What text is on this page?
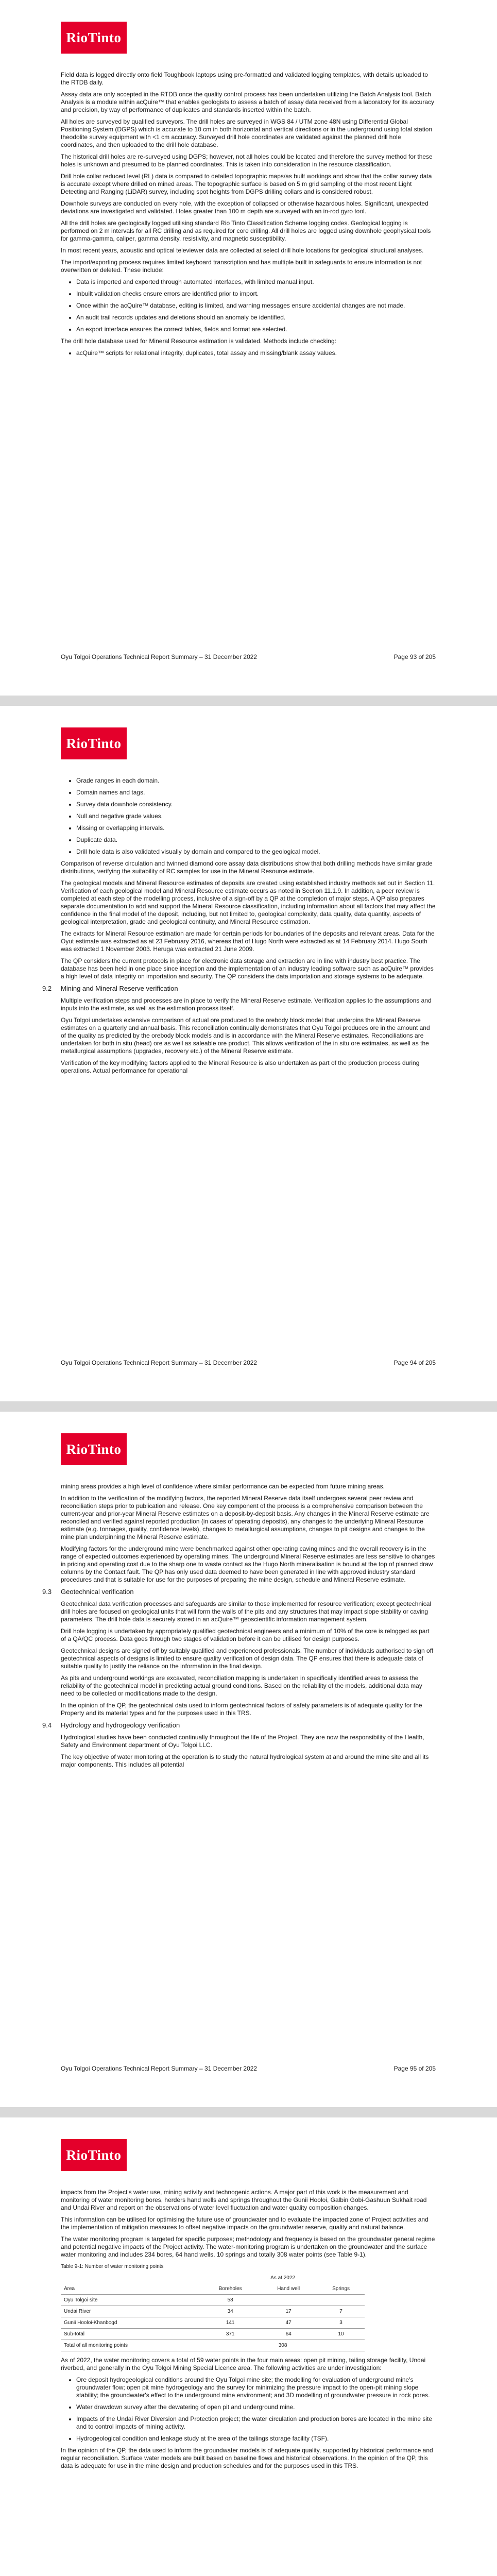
RioTinto

Field data is logged directly onto field Toughbook laptops using pre-formatted and validated logging templates, with details uploaded to the RTDB daily.

Assay data are only accepted in the RTDB once the quality control process has been undertaken utilizing the Batch Analysis tool. Batch Analysis is a module within acQuire™ that enables geologists to assess a batch of assay data received from a laboratory for its accuracy and precision, by way of performance of duplicates and standards inserted within the batch.

All holes are surveyed by qualified surveyors. The drill holes are surveyed in WGS 84 / UTM zone 48N using Differential Global Positioning System (DGPS) which is accurate to 10 cm in both horizontal and vertical directions or in the underground using total station theodolite survey equipment with <1 cm accuracy. Surveyed drill hole coordinates are validated against the planned drill hole coordinates, and then uploaded to the drill hole database.

The historical drill holes are re-surveyed using DGPS; however, not all holes could be located and therefore the survey method for these holes is unknown and presumed to be planned coordinates. This is taken into consideration in the resource classification.

Drill hole collar reduced level (RL) data is compared to detailed topographic maps/as built workings and show that the collar survey data is accurate except where drilled on mined areas. The topographic surface is based on 5 m grid sampling of the most recent Light Detecting and Ranging (LiDAR) survey, including spot heights from DGPS drilling collars and is considered robust.

Downhole surveys are conducted on every hole, with the exception of collapsed or otherwise hazardous holes. Significant, unexpected deviations are investigated and validated. Holes greater than 100 m depth are surveyed with an in-rod gyro tool.

All the drill holes are geologically logged utilising standard Rio Tinto Classification Scheme logging codes. Geological logging is performed on 2 m intervals for all RC drilling and as required for core drilling. All drill holes are logged using downhole geophysical tools for gamma-gamma, caliper, gamma density, resistivity, and magnetic susceptibility.

In most recent years, acoustic and optical televiewer data are collected at select drill hole locations for geological structural analyses.

The import/exporting process requires limited keyboard transcription and has multiple built in safeguards to ensure information is not overwritten or deleted. These include:

• Data is imported and exported through automated interfaces, with limited manual input.
• Inbuilt validation checks ensure errors are identified prior to import.
• Once within the acQuire™ database, editing is limited, and warning messages ensure accidental changes are not made.
• An audit trail records updates and deletions should an anomaly be identified.
• An export interface ensures the correct tables, fields and format are selected.

The drill hole database used for Mineral Resource estimation is validated. Methods include checking:

• acQuire™ scripts for relational integrity, duplicates, total assay and missing/blank assay values.
Oyu Tolgoi Operations Technical Report Summary – 31 December 2022	Page 93 of 205
RioTinto
• Grade ranges in each domain.
• Domain names and tags.
• Survey data downhole consistency.
• Null and negative grade values.
• Missing or overlapping intervals.
• Duplicate data.
• Drill hole data is also validated visually by domain and compared to the geological model.

Comparison of reverse circulation and twinned diamond core assay data distributions show that both drilling methods have similar grade distributions, verifying the suitability of RC samples for use in the Mineral Resource estimate.

The geological models and Mineral Resource estimates of deposits are created using established industry methods set out in Section 11. Verification of each geological model and Mineral Resource estimate occurs as noted in Section 11.1.9. In addition, a peer review is completed at each step of the modelling process, inclusive of a sign-off by a QP at the completion of major steps. A QP also prepares separate documentation to add and support the Mineral Resource classification, including information about all factors that may affect the confidence in the final model of the deposit, including, but not limited to, geological complexity, data quality, data quantity, aspects of geological interpretation, grade and geological continuity, and Mineral Resource estimation.

The extracts for Mineral Resource estimation are made for certain periods for boundaries of the deposits and relevant areas. Data for the Oyut estimate was extracted as at 23 February 2016, whereas that of Hugo North were extracted as at 14 February 2014. Hugo South was extracted 1 November 2003. Heruga was extracted 21 June 2009.

The QP considers the current protocols in place for electronic data storage and extraction are in line with industry best practice. The database has been held in one place since inception and the implementation of an industry leading software such as acQuire™ provides a high level of data integrity on importation and security. The QP considers the data importation and storage systems to be adequate.

9.2	Mining and Mineral Reserve verification

Multiple verification steps and processes are in place to verify the Mineral Reserve estimate. Verification applies to the assumptions and inputs into the estimate, as well as the estimation process itself.

Oyu Tolgoi undertakes extensive comparison of actual ore produced to the orebody block model that underpins the Mineral Reserve estimates on a quarterly and annual basis. This reconciliation continually demonstrates that Oyu Tolgoi produces ore in the amount and of the quality as predicted by the orebody block models and is in accordance with the Mineral Reserve estimates. Reconciliations are undertaken for both in situ (head) ore as well as saleable ore product. This allows verification of the in situ ore estimates, as well as the metallurgical assumptions (upgrades, recovery etc.) of the Mineral Reserve estimate.

Verification of the key modifying factors applied to the Mineral Resource is also undertaken as part of the production process during operations. Actual performance for operational

Oyu Tolgoi Operations Technical Report Summary – 31 December 2022	Page 94 of 205
RioTinto

mining areas provides a high level of confidence where similar performance can be expected from future mining areas.

In addition to the verification of the modifying factors, the reported Mineral Reserve data itself undergoes several peer review and reconciliation steps prior to publication and release. One key component of the process is a comprehensive comparison between the current-year and prior-year Mineral Reserve estimates on a deposit-by-deposit basis. Any changes in the Mineral Reserve estimate are reconciled and verified against reported production (in cases of operating deposits), any changes to the underlying Mineral Resource estimate (e.g. tonnages, quality, confidence levels), changes to metallurgical assumptions, changes to pit designs and changes to the mine plan underpinning the Mineral Reserve estimate.

Modifying factors for the underground mine were benchmarked against other operating caving mines and the overall recovery is in the range of expected outcomes experienced by operating mines. The underground Mineral Reserve estimates are less sensitive to changes in pricing and operating cost due to the sharp one to waste contact as the Hugo North mineralisation is bound at the top of planned draw columns by the Contact fault. The QP has only used data deemed to have been generated in line with approved industry standard procedures and that is suitable for use for the purposes of preparing the mine design, schedule and Mineral Reserve estimate.

9.3	Geotechnical verification

Geotechnical data verification processes and safeguards are similar to those implemented for resource verification; except geotechnical drill holes are focused on geological units that will form the walls of the pits and any structures that may impact slope stability or caving parameters. The drill hole data is securely stored in an acQuire™ geoscientific information management system.

Drill hole logging is undertaken by appropriately qualified geotechnical engineers and a minimum of 10% of the core is relogged as part of a QA/QC process. Data goes through two stages of validation before it can be utilised for design purposes.

Geotechnical designs are signed off by suitably qualified and experienced professionals. The number of individuals authorised to sign off geotechnical aspects of designs is limited to ensure quality verification of design data. The QP ensures that there is adequate data of suitable quality to justify the reliance on the information in the final design.

As pits and underground workings are excavated, reconciliation mapping is undertaken in specifically identified areas to assess the reliability of the geotechnical model in predicting actual ground conditions. Based on the reliability of the models, additional data may need to be collected or modifications made to the design.

In the opinion of the QP, the geotechnical data used to inform geotechnical factors of safety parameters is of adequate quality for the Property and its material types and for the purposes used in this TRS.

9.4	Hydrology and hydrogeology verification

Hydrological studies have been conducted continually throughout the life of the Project. They are now the responsibility of the Health, Safety and Environment department of Oyu Tolgoi LLC.

The key objective of water monitoring at the operation is to study the natural hydrological system at and around the mine site and all its major components. This includes all potential

Oyu Tolgoi Operations Technical Report Summary – 31 December 2022	Page 95 of 205
RioTinto

impacts from the Project's water use, mining activity and technogenic actions. A major part of this work is the measurement and monitoring of water monitoring bores, herders hand wells and springs throughout the Gunii Hooloi, Galbin Gobi-Gashuun Sukhait road and Undai River and report on the observations of water level fluctuation and water quality composition changes.

This information can be utilised for optimising the future use of groundwater and to evaluate the impacted zone of Project activities and the implementation of mitigation measures to offset negative impacts on the groundwater reserve, quality and natural balance.

The water monitoring program is targeted for specific purposes; methodology and frequency is based on the groundwater general regime and potential negative impacts of the Project activity. The water-monitoring program is undertaken on the groundwater and the surface water monitoring and includes 234 bores, 64 hand wells, 10 springs and totally 308 water points (see Table 9-1).

Table 9-1: Number of water monitoring points
	As at 2022		
Area	Boreholes	Hand well	Springs
Oyu Tolgoi site	58		
Undai River	34	17	7
Gunii Hooloi-Khanbogd	141	47	3
Sub-total	371	64	10
Total of all monitoring points	308		

As of 2022, the water monitoring covers a total of 59 water points in the four main areas: open pit mining, tailing storage facility, Undai riverbed, and generally in the Oyu Tolgoi Mining Special Licence area. The following activities are under investigation:

• Ore deposit hydrogeological conditions around the Oyu Tolgoi mine site; the modelling for evaluation of underground mine's groundwater flow; open pit mine hydrogeology and the survey for minimizing the pressure impact to the open-pit mining slope stability; the groundwater's effect to the underground mine environment; and 3D modelling of groundwater pressure in rock pores.
• Water drawdown survey after the dewatering of open pit and underground mine.
• Impacts of the Undai River Diversion and Protection project; the water circulation and production bores are located in the mine site and to control impacts of mining activity.
• Hydrogeological condition and leakage study at the area of the tailings storage facility (TSF).

In the opinion of the QP, the data used to inform the groundwater models is of adequate quality, supported by historical performance and regular reconciliation. Surface water models are built based on baseline flows and historical observations. In the opinion of the QP, this data is adequate for use in the mine design and production schedules and for the purposes used in this TRS.
